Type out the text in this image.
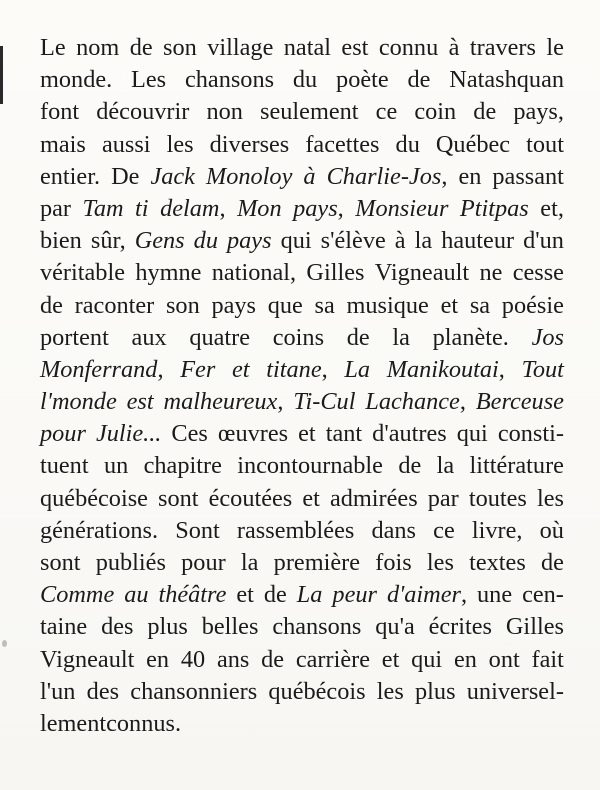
Le nom de son village natal est connu à travers le
monde. Les chansons du poète de Natashquan
font découvrir non seulement ce coin de pays,
mais aussi les diverses facettes du Québec tout
entier. De Jack Monoloy à Charlie-Jos, en passant
par Tam ti delam, Mon pays, Monsieur Ptitpas et,
bien sûr, Gens du pays qui s'élève à la hauteur d'un
véritable hymne national, Gilles Vigneault ne cesse
de raconter son pays que sa musique et sa poésie
portent aux quatre coins de la planète. Jos
Monferrand, Fer et titane, La Manikoutai, Tout
l'monde est malheureux, Ti-Cul Lachance, Berceuse
pour Julie... Ces œuvres et tant d'autres qui consti-
tuent un chapitre incontournable de la littérature
québécoise sont écoutées et admirées par toutes les
générations. Sont rassemblées dans ce livre, où
sont publiés pour la première fois les textes de
Comme au théâtre et de La peur d'aimer, une cen-
taine des plus belles chansons qu'a écrites Gilles
Vigneault en 40 ans de carrière et qui en ont fait
l'un des chansonniers québécois les plus universel-
lement connus.
